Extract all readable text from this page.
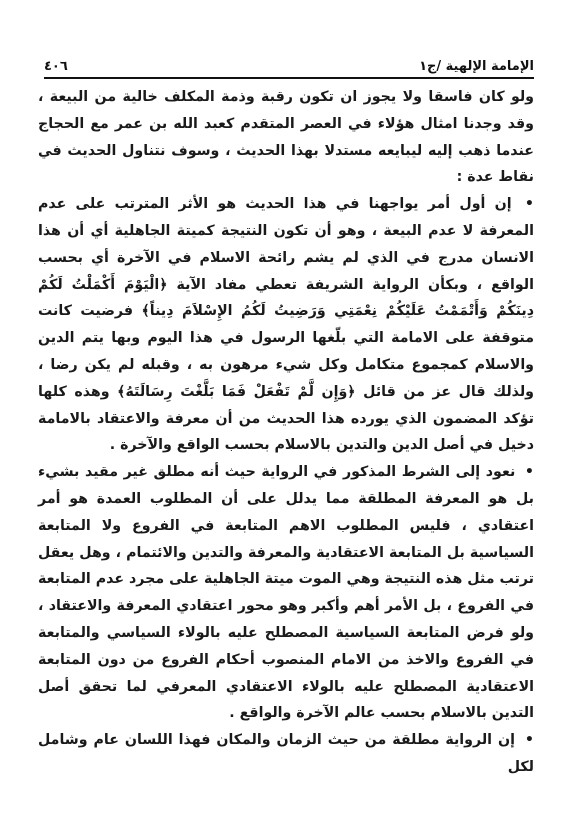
الإمامة الإلهية /ج١
٤٠٦

ولو كان فاسقا ولا يجوز ان تكون رقبة وذمة المكلف خالية من البيعة ، وقد وجدنا امثال هؤلاء في العصر المتقدم كعبد الله بن عمر مع الحجاج عندما ذهب إليه ليبايعه مستدلا بهذا الحديث ، وسوف نتناول الحديث في نقاط عدة :

• إن أول أمر يواجهنا في هذا الحديث هو الأثر المترتب على عدم المعرفة لا عدم البيعة ، وهو أن تكون النتيجة كميتة الجاهلية أي أن هذا الانسان مدرج في الذي لم يشم رائحة الاسلام في الآخرة أي بحسب الواقع ، وبكأن الرواية الشريفة تعطي مفاد الآية ﴿الْيَوْمَ أَكْمَلْتُ لَكُمْ دِينَكُمْ وَأَتْمَمْتُ عَلَيْكُمْ نِعْمَتِي وَرَضِيتُ لَكُمُ الإِسْلاَمَ دِيناً﴾ فرضيت كانت متوقفة على الامامة التي بلّغها الرسول في هذا اليوم وبها يتم الدين والاسلام كمجموع متكامل وكل شيء مرهون به ، وقبله لم يكن رضا ، ولذلك قال عز من قائل ﴿وَإِن لَّمْ تَفْعَلْ فَمَا بَلَّغْتَ رِسَالَتَهُ﴾ وهذه كلها تؤكد المضمون الذي يورده هذا الحديث من أن معرفة والاعتقاد بالامامة دخيل في أصل الدين والتدين بالاسلام بحسب الواقع والآخرة .

• نعود إلى الشرط المذكور في الرواية حيث أنه مطلق غير مقيد بشيء بل هو المعرفة المطلقة مما يدلل على أن المطلوب العمدة هو أمر اعتقادي ، فليس المطلوب الاهم المتابعة في الفروع ولا المتابعة السياسية بل المتابعة الاعتقادية والمعرفة والتدين والائتمام ، وهل يعقل ترتب مثل هذه النتيجة وهي الموت ميتة الجاهلية على مجرد عدم المتابعة في الفروع ، بل الأمر أهم وأكبر وهو محور اعتقادي المعرفة والاعتقاد ، ولو فرض المتابعة السياسية المصطلح عليه بالولاء السياسي والمتابعة في الفروع والاخذ من الامام المنصوب أحكام الفروع من دون المتابعة الاعتقادية المصطلح عليه بالولاء الاعتقادي المعرفي لما تحقق أصل التدين بالاسلام بحسب عالم الآخرة والواقع .

• إن الرواية مطلقة من حيث الزمان والمكان فهذا اللسان عام وشامل لكل
